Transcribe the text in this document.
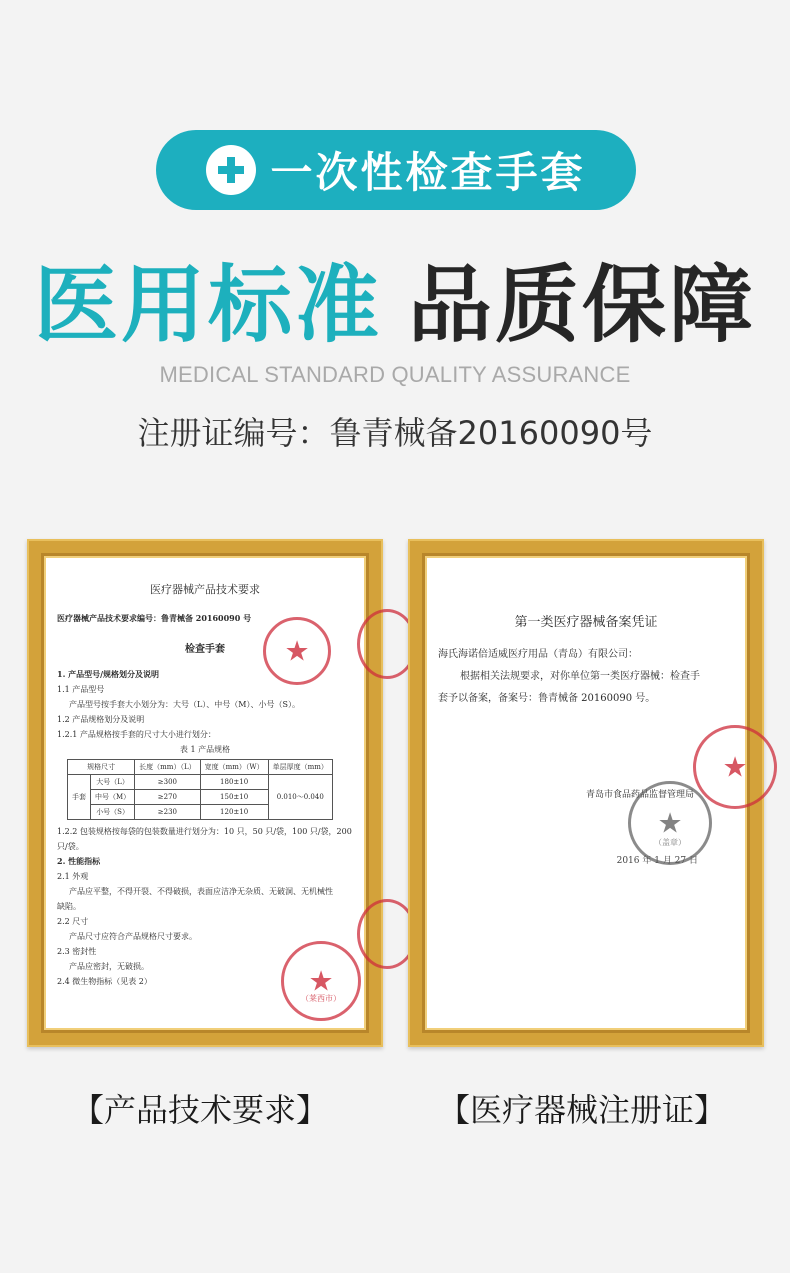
一次性检查手套
医用标准 品质保障
MEDICAL STANDARD QUALITY ASSURANCE
注册证编号：鲁青械备20160090号
医疗器械产品技术要求
医疗器械产品技术要求编号：鲁青械备 20160090 号
检查手套
1. 产品型号/规格划分及说明
1.1 产品型号
产品型号按手套大小划分为：大号（L）、中号（M）、小号（S）。
1.2 产品规格划分及说明
1.2.1 产品规格按手套的尺寸大小进行划分：
表 1 产品规格
规格尺寸		长度（mm）（L）	宽度（mm）（W）	单层厚度（mm）
手套	大号（L）	≥300	180±10	0.010～0.040
	中号（M）	≥270	150±10	
	小号（S）	≥230	120±10	
1.2.2 包装规格按每袋的包装数量进行划分为：10 只，50 只/袋，100 只/袋，200
只/袋。
2. 性能指标
2.1 外观
产品应平整，不得开裂、不得破损，表面应洁净无杂质、无破洞、无机械性
缺陷。
2.2 尺寸
产品尺寸应符合产品规格尺寸要求。
2.3 密封性
产品应密封，无破损。
2.4 微生物指标（见表 2）
★
★
（莱西市）
第一类医疗器械备案凭证
海氏海诺倍适威医疗用品（青岛）有限公司：
根据相关法规要求，对你单位第一类医疗器械：检查手
套予以备案，备案号：鲁青械备 20160090 号。
青岛市食品药品监督管理局
2016 年 1 月 27 日
★
★
（盖章）
【产品技术要求】	【医疗器械注册证】
